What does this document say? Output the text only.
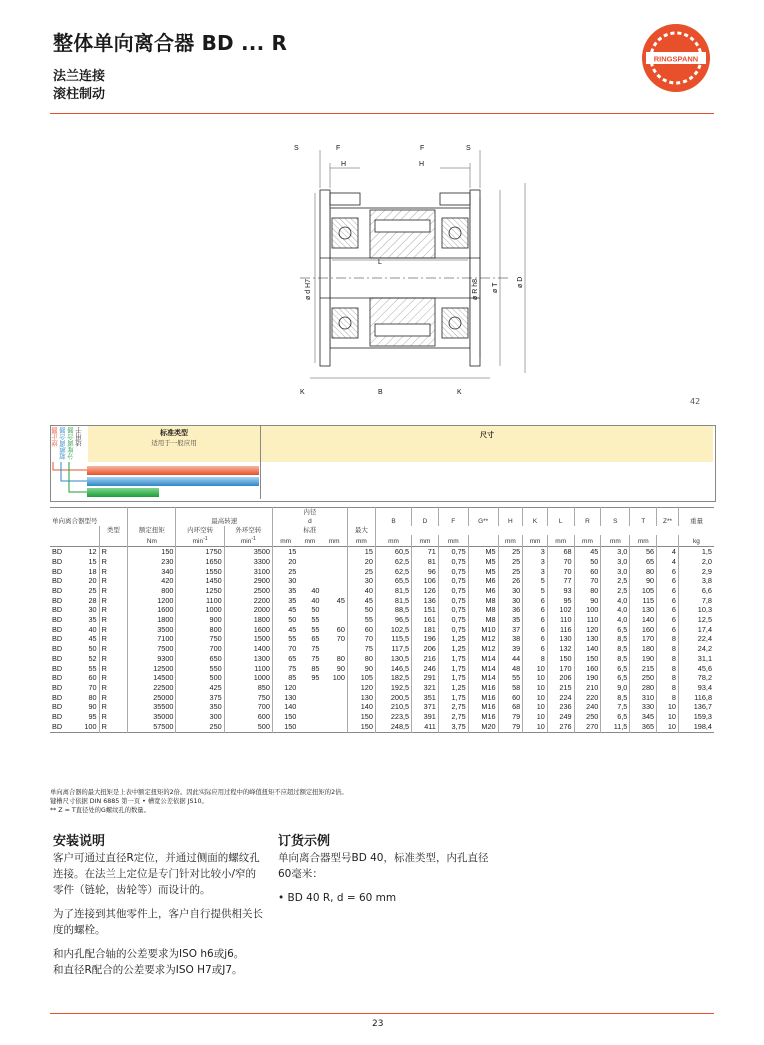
整体单向离合器 BD ... R
法兰连接
滚柱制动
RINGSPANN
S	F	F	S
H	H
L
ø d H7	ø R h8 ø T	ø D
K	B	K
42
逆止器 超越离合器 分度离合器 适用于	标准类型
适用于一般应用
尺寸
单向离合器型号				最高转速		内径
d				B	D	F	G**	H	K	L	R	S	T	Z**	重量
		类型	额定扭矩	内环空转	外环空转	标准			最大												
			Nm	$\min^{-1}$	$\min^{-1}$	mm	mm	mm	mm	mm	mm	mm		mm	mm	mm	mm	mm	mm		kg
BD	12	R	150	1750	3500	15			15	60,5	71	0,75	M5	25	3	68	45	3,0	56	4	1,5
BD	15	R	230	1650	3300	20			20	62,5	81	0,75	M5	25	3	70	50	3,0	65	4	2,0
BD	18	R	340	1550	3100	25			25	62,5	96	0,75	M5	25	3	70	60	3,0	80	6	2,9
BD	20	R	420	1450	2900	30			30	65,5	106	0,75	M6	26	5	77	70	2,5	90	6	3,8
BD	25	R	800	1250	2500	35	40		40	81,5	126	0,75	M6	30	5	93	80	2,5	105	6	6,6
BD	28	R	1200	1100	2200	35	40	45	45	81,5	136	0,75	M8	30	6	95	90	4,0	115	6	7,8
BD	30	R	1600	1000	2000	45	50		50	88,5	151	0,75	M8	36	6	102	100	4,0	130	6	10,3
BD	35	R	1800	900	1800	50	55		55	96,5	161	0,75	M8	35	6	110	110	4,0	140	6	12,5
BD	40	R	3500	800	1600	45	55	60	60	102,5	181	0,75	M10	37	6	116	120	6,5	160	6	17,4
BD	45	R	7100	750	1500	55	65	70	70	115,5	196	1,25	M12	38	6	130	130	8,5	170	8	22,4
BD	50	R	7500	700	1400	70	75		75	117,5	206	1,25	M12	39	6	132	140	8,5	180	8	24,2
BD	52	R	9300	650	1300	65	75	80	80	130,5	216	1,75	M14	44	8	150	150	8,5	190	8	31,1
BD	55	R	12500	550	1100	75	85	90	90	146,5	246	1,75	M14	48	10	170	160	6,5	215	8	45,6
BD	60	R	14500	500	1000	85	95	100	105	182,5	291	1,75	M14	55	10	206	190	6,5	250	8	78,2
BD	70	R	22500	425	850	120			120	192,5	321	1,25	M16	58	10	215	210	9,0	280	8	93,4
BD	80	R	25000	375	750	130			130	200,5	351	1,75	M16	60	10	224	220	8,5	310	8	116,8
BD	90	R	35500	350	700	140			140	210,5	371	2,75	M16	68	10	236	240	7,5	330	10	136,7
BD	95	R	35000	300	600	150			150	223,5	391	2,75	M16	79	10	249	250	6,5	345	10	159,3
BD	100	R	57500	250	500	150			150	248,5	411	3,75	M20	79	10	276	270	11,5	365	10	198,4
单向离合器的最大扭矩是上表中额定扭矩的2倍。因此实际应用过程中的峰值扭矩不应超过额定扭矩的2倍。
键槽尺寸依据 DIN 6885 第一页 • 槽宽公差依据 JS10。
** Z = T直径处的G螺纹孔的数量。
安装说明	订货示例
客户可通过直径R定位，并通过侧面的螺纹孔连接。在法兰上定位是专门针对比较小/窄的零件（链轮，齿轮等）而设计的。
为了连接到其他零件上，客户自行提供相关长度的螺栓。
和内孔配合轴的公差要求为ISO h6或j6。
和直径R配合的公差要求为ISO H7或J7。
单向离合器型号BD 40，标准类型，内孔直径60毫米：
• BD 40 R, d = 60 mm
23
